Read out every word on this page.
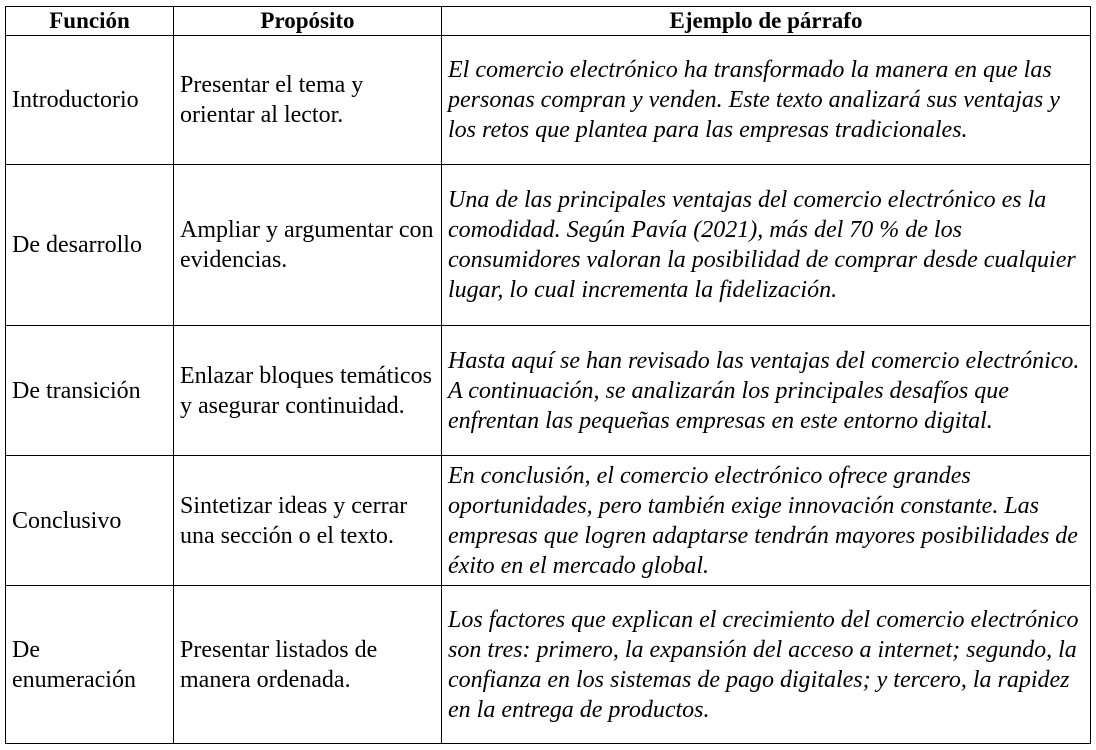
Función	Propósito	Ejemplo de párrafo
Introductorio	Presentar el tema y orientar al lector.	El comercio electrónico ha transformado la manera en que las personas compran y venden. Este texto analizará sus ventajas y los retos que plantea para las empresas tradicionales.
De desarrollo	Ampliar y argumentar con evidencias.	Una de las principales ventajas del comercio electrónico es la comodidad. Según Pavía (2021), más del 70 % de los consumidores valoran la posibilidad de comprar desde cualquier lugar, lo cual incrementa la fidelización.
De transición	Enlazar bloques temáticos y asegurar continuidad.	Hasta aquí se han revisado las ventajas del comercio electrónico. A continuación, se analizarán los principales desafíos que enfrentan las pequeñas empresas en este entorno digital.
Conclusivo	Sintetizar ideas y cerrar una sección o el texto.	En conclusión, el comercio electrónico ofrece grandes oportunidades, pero también exige innovación constante. Las empresas que logren adaptarse tendrán mayores posibilidades de éxito en el mercado global.
De enumeración	Presentar listados de manera ordenada.	Los factores que explican el crecimiento del comercio electrónico son tres: primero, la expansión del acceso a internet; segundo, la confianza en los sistemas de pago digitales; y tercero, la rapidez en la entrega de productos.
